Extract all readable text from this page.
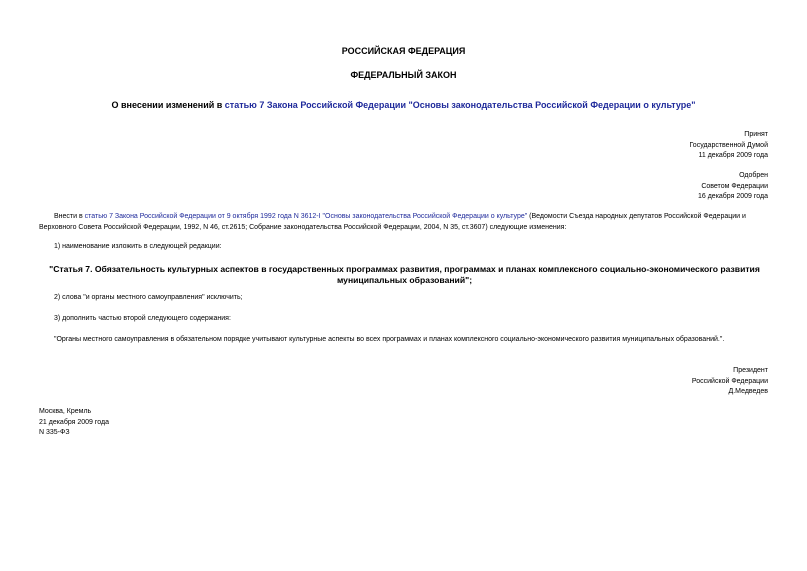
РОССИЙСКАЯ ФЕДЕРАЦИЯ
ФЕДЕРАЛЬНЫЙ ЗАКОН
О внесении изменений в статью 7 Закона Российской Федерации "Основы законодательства Российской Федерации о культуре"
Принят
Государственной Думой
11 декабря 2009 года
Одобрен
Советом Федерации
16 декабря 2009 года
Внести в статью 7 Закона Российской Федерации от 9 октября 1992 года N 3612-I "Основы законодательства Российской Федерации о культуре" (Ведомости Съезда народных депутатов Российской Федерации и Верховного Совета Российской Федерации, 1992, N 46, ст.2615; Собрание законодательства Российской Федерации, 2004, N 35, ст.3607) следующие изменения:
1) наименование изложить в следующей редакции:
"Статья 7. Обязательность культурных аспектов в государственных программах развития, программах и планах комплексного социально-экономического развития муниципальных образований";
2) слова "и органы местного самоуправления" исключить;
3) дополнить частью второй следующего содержания:
"Органы местного самоуправления в обязательном порядке учитывают культурные аспекты во всех программах и планах комплексного социально-экономического развития муниципальных образований.".
Президент
Российской Федерации
Д.Медведев
Москва, Кремль
21 декабря 2009 года
N 335-ФЗ
